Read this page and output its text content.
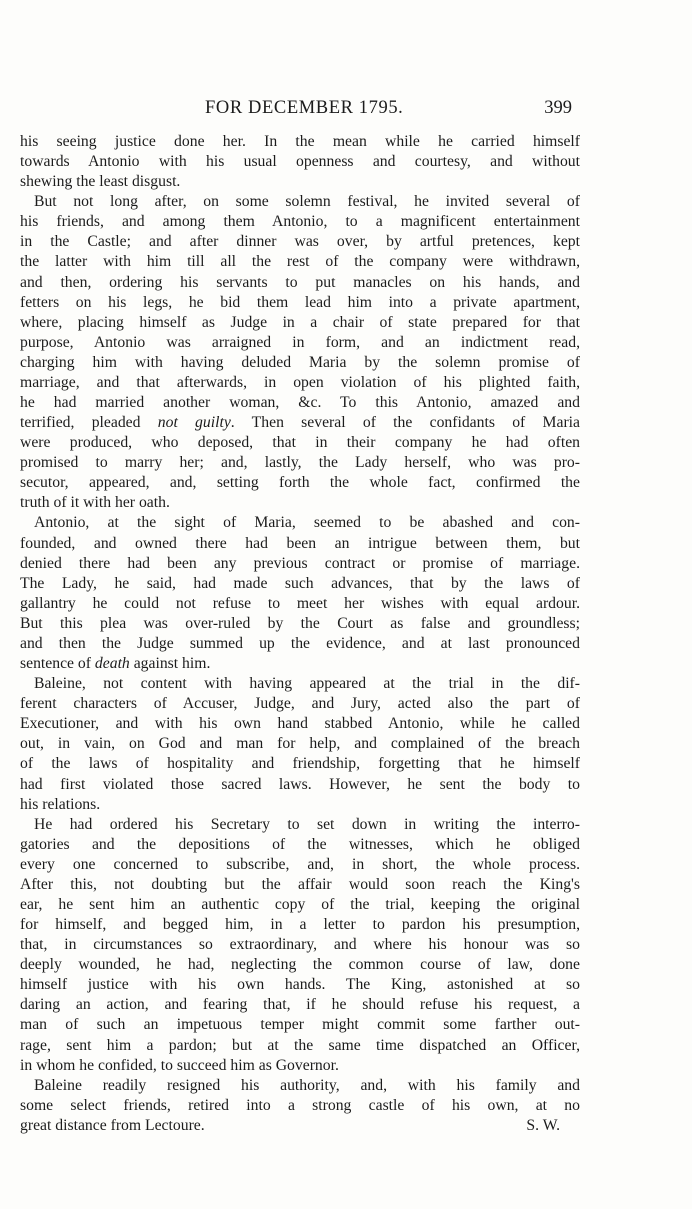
FOR DECEMBER 1795.	399
his seeing justice done her. In the mean while he carried himself
towards Antonio with his usual openness and courtesy, and without
shewing the least disgust.
But not long after, on some solemn festival, he invited several of
his friends, and among them Antonio, to a magnificent entertainment
in the Castle; and after dinner was over, by artful pretences, kept
the latter with him till all the rest of the company were withdrawn,
and then, ordering his servants to put manacles on his hands, and
fetters on his legs, he bid them lead him into a private apartment,
where, placing himself as Judge in a chair of state prepared for that
purpose, Antonio was arraigned in form, and an indictment read,
charging him with having deluded Maria by the solemn promise of
marriage, and that afterwards, in open violation of his plighted faith,
he had married another woman, &c. To this Antonio, amazed and
terrified, pleaded not guilty. Then several of the confidants of Maria
were produced, who deposed, that in their company he had often
promised to marry her; and, lastly, the Lady herself, who was pro-
secutor, appeared, and, setting forth the whole fact, confirmed the
truth of it with her oath.
Antonio, at the sight of Maria, seemed to be abashed and con-
founded, and owned there had been an intrigue between them, but
denied there had been any previous contract or promise of marriage.
The Lady, he said, had made such advances, that by the laws of
gallantry he could not refuse to meet her wishes with equal ardour.
But this plea was over-ruled by the Court as false and groundless;
and then the Judge summed up the evidence, and at last pronounced
sentence of death against him.
Baleine, not content with having appeared at the trial in the dif-
ferent characters of Accuser, Judge, and Jury, acted also the part of
Executioner, and with his own hand stabbed Antonio, while he called
out, in vain, on God and man for help, and complained of the breach
of the laws of hospitality and friendship, forgetting that he himself
had first violated those sacred laws. However, he sent the body to
his relations.
He had ordered his Secretary to set down in writing the interro-
gatories and the depositions of the witnesses, which he obliged
every one concerned to subscribe, and, in short, the whole process.
After this, not doubting but the affair would soon reach the King's
ear, he sent him an authentic copy of the trial, keeping the original
for himself, and begged him, in a letter to pardon his presumption,
that, in circumstances so extraordinary, and where his honour was so
deeply wounded, he had, neglecting the common course of law, done
himself justice with his own hands. The King, astonished at so
daring an action, and fearing that, if he should refuse his request, a
man of such an impetuous temper might commit some farther out-
rage, sent him a pardon; but at the same time dispatched an Officer,
in whom he confided, to succeed him as Governor.
Baleine readily resigned his authority, and, with his family and
some select friends, retired into a strong castle of his own, at no
great distance from Lectoure.	S. W.
